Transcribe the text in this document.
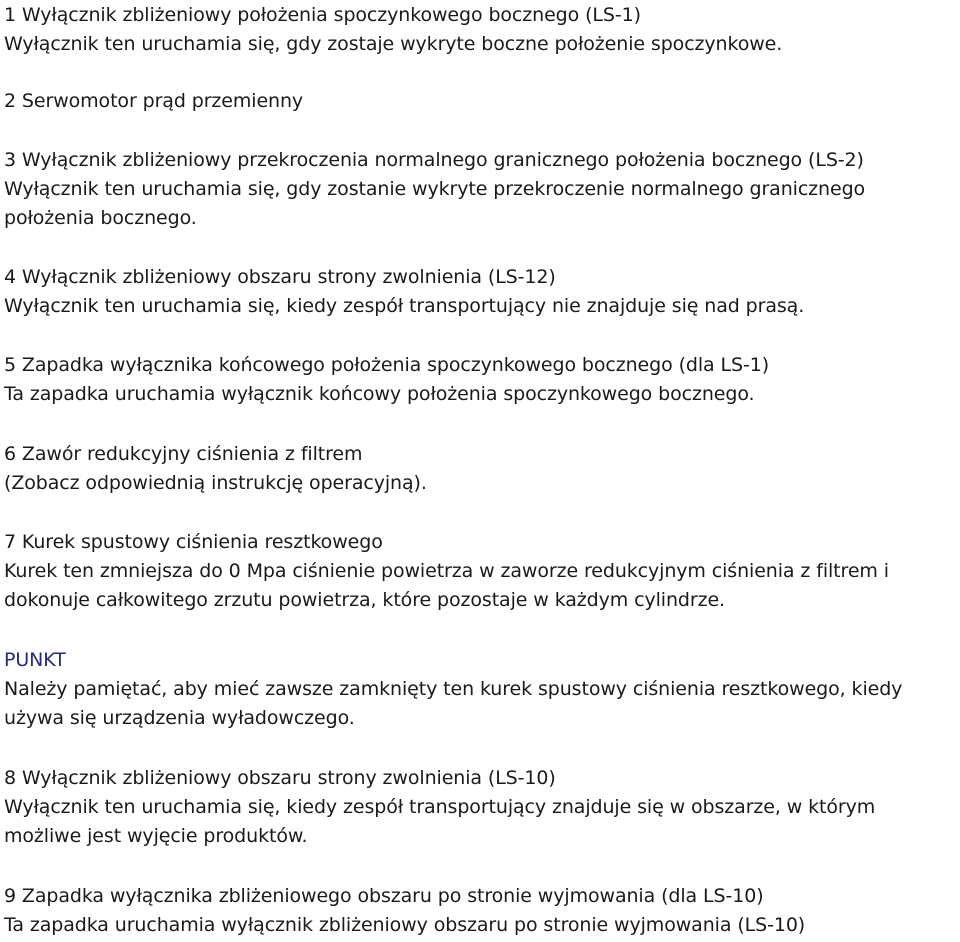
1 Wyłącznik zbliżeniowy położenia spoczynkowego bocznego (LS-1)
Wyłącznik ten uruchamia się, gdy zostaje wykryte boczne położenie spoczynkowe.
2 Serwomotor prąd przemienny
3 Wyłącznik zbliżeniowy przekroczenia normalnego granicznego położenia bocznego (LS-2)
Wyłącznik ten uruchamia się, gdy zostanie wykryte przekroczenie normalnego granicznego
położenia bocznego.
4 Wyłącznik zbliżeniowy obszaru strony zwolnienia (LS-12)
Wyłącznik ten uruchamia się, kiedy zespół transportujący nie znajduje się nad prasą.
5 Zapadka wyłącznika końcowego położenia spoczynkowego bocznego (dla LS-1)
Ta zapadka uruchamia wyłącznik końcowy położenia spoczynkowego bocznego.
6 Zawór redukcyjny ciśnienia z filtrem
(Zobacz odpowiednią instrukcję operacyjną).
7 Kurek spustowy ciśnienia resztkowego
Kurek ten zmniejsza do 0 Mpa ciśnienie powietrza w zaworze redukcyjnym ciśnienia z filtrem i
dokonuje całkowitego zrzutu powietrza, które pozostaje w każdym cylindrze.
PUNKT
Należy pamiętać, aby mieć zawsze zamknięty ten kurek spustowy ciśnienia resztkowego, kiedy
używa się urządzenia wyładowczego.
8 Wyłącznik zbliżeniowy obszaru strony zwolnienia (LS-10)
Wyłącznik ten uruchamia się, kiedy zespół transportujący znajduje się w obszarze, w którym
możliwe jest wyjęcie produktów.
9 Zapadka wyłącznika zbliżeniowego obszaru po stronie wyjmowania (dla LS-10)
Ta zapadka uruchamia wyłącznik zbliżeniowy obszaru po stronie wyjmowania (LS-10)
